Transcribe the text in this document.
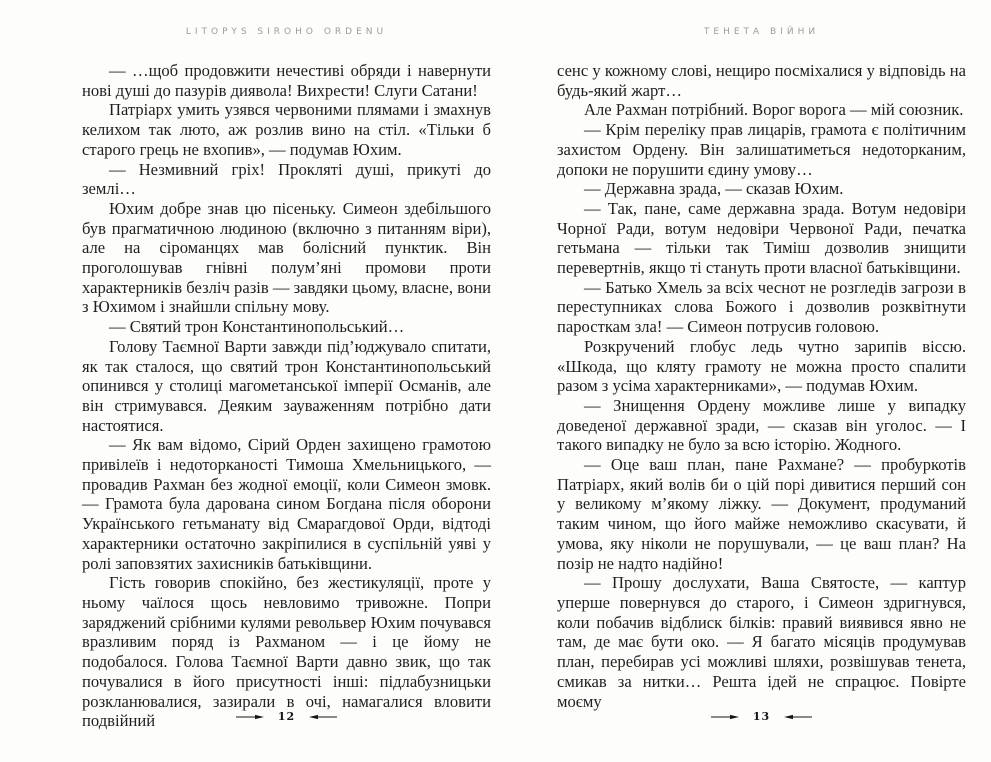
LITOPYS SIROHO ORDENU

— …щоб продовжити нечестиві обряди і навернути нові душі до пазурів диявола! Вихрести! Слуги Сатани!

Патріарх умить узявся червоними плямами і змахнув келихом так люто, аж розлив вино на стіл. «Тільки б старого грець не вхопив», — подумав Юхим.

— Незмивний гріх! Прокляті душі, прикуті до землі…

Юхим добре знав цю пісеньку. Симеон здебільшого був прагматичною людиною (включно з питанням віри), але на сіроманцях мав болісний пунктик. Він проголошував гнівні полум’яні промови проти характерників безліч разів — завдяки цьому, власне, вони з Юхимом і знайшли спільну мову.

— Святий трон Константинопольський…

Голову Таємної Варти завжди під’юджувало спитати, як так сталося, що святий трон Константинопольський опинився у столиці магометанської імперії Османів, але він стримувався. Деяким зауваженням потрібно дати настоятися.

— Як вам відомо, Сірий Орден захищено грамотою привілеїв і недоторканості Тимоша Хмельницького, — провадив Рахман без жодної емоції, коли Симеон змовк. — Грамота була дарована сином Богдана після оборони Українського гетьманату від Смарагдової Орди, відтоді характерники остаточно закріпилися в суспільній уяві у ролі заповзятих захисників батьківщини.

Гість говорив спокійно, без жестикуляції, проте у ньому чаїлося щось невловимо тривожне. Попри заряджений срібними кулями револьвер Юхим почувався вразливим поряд із Рахманом — і це йому не подобалося. Голова Таємної Варти давно звик, що так почувалися в його присутності інші: підлабузницьки розкланювалися, зазирали в очі, намагалися вловити подвійний	12
ТЕНЕТА ВІЙНИ

сенс у кожному слові, нещиро посміхалися у відповідь на будь-який жарт…

Але Рахман потрібний. Ворог ворога — мій союзник.

— Крім переліку прав лицарів, грамота є політичним захистом Ордену. Він залишатиметься недоторканим, допоки не порушити єдину умову…

— Державна зрада, — сказав Юхим.

— Так, пане, саме державна зрада. Вотум недовіри Чорної Ради, вотум недовіри Червоної Ради, печатка гетьмана — тільки так Тиміш дозволив знищити перевертнів, якщо ті стануть проти власної батьківщини.

— Батько Хмель за всіх чеснот не розгледів загрози в переступниках слова Божого і дозволив розквітнути паросткам зла! — Симеон потрусив головою.

Розкручений глобус ледь чутно зарипів віссю. «Шкода, що кляту грамоту не можна просто спалити разом з усіма характерниками», — подумав Юхим.

— Знищення Ордену можливе лише у випадку доведеної державної зради, — сказав він уголос. — І такого випадку не було за всю історію. Жодного.

— Оце ваш план, пане Рахмане? — пробуркотів Патріарх, який волів би о цій порі дивитися перший сон у великому м’якому ліжку. — Документ, продуманий таким чином, що його майже неможливо скасувати, й умова, яку ніколи не порушували, — це ваш план? На позір не надто надійно!

— Прошу дослухати, Ваша Святосте, — каптур уперше повернувся до старого, і Симеон здригнувся, коли побачив відблиск білків: правий виявився явно не там, де має бути око. — Я багато місяців продумував план, перебирав усі можливі шляхи, розвішував тенета, смикав за нитки… Решта ідей не спрацює. Повірте моєму

13
